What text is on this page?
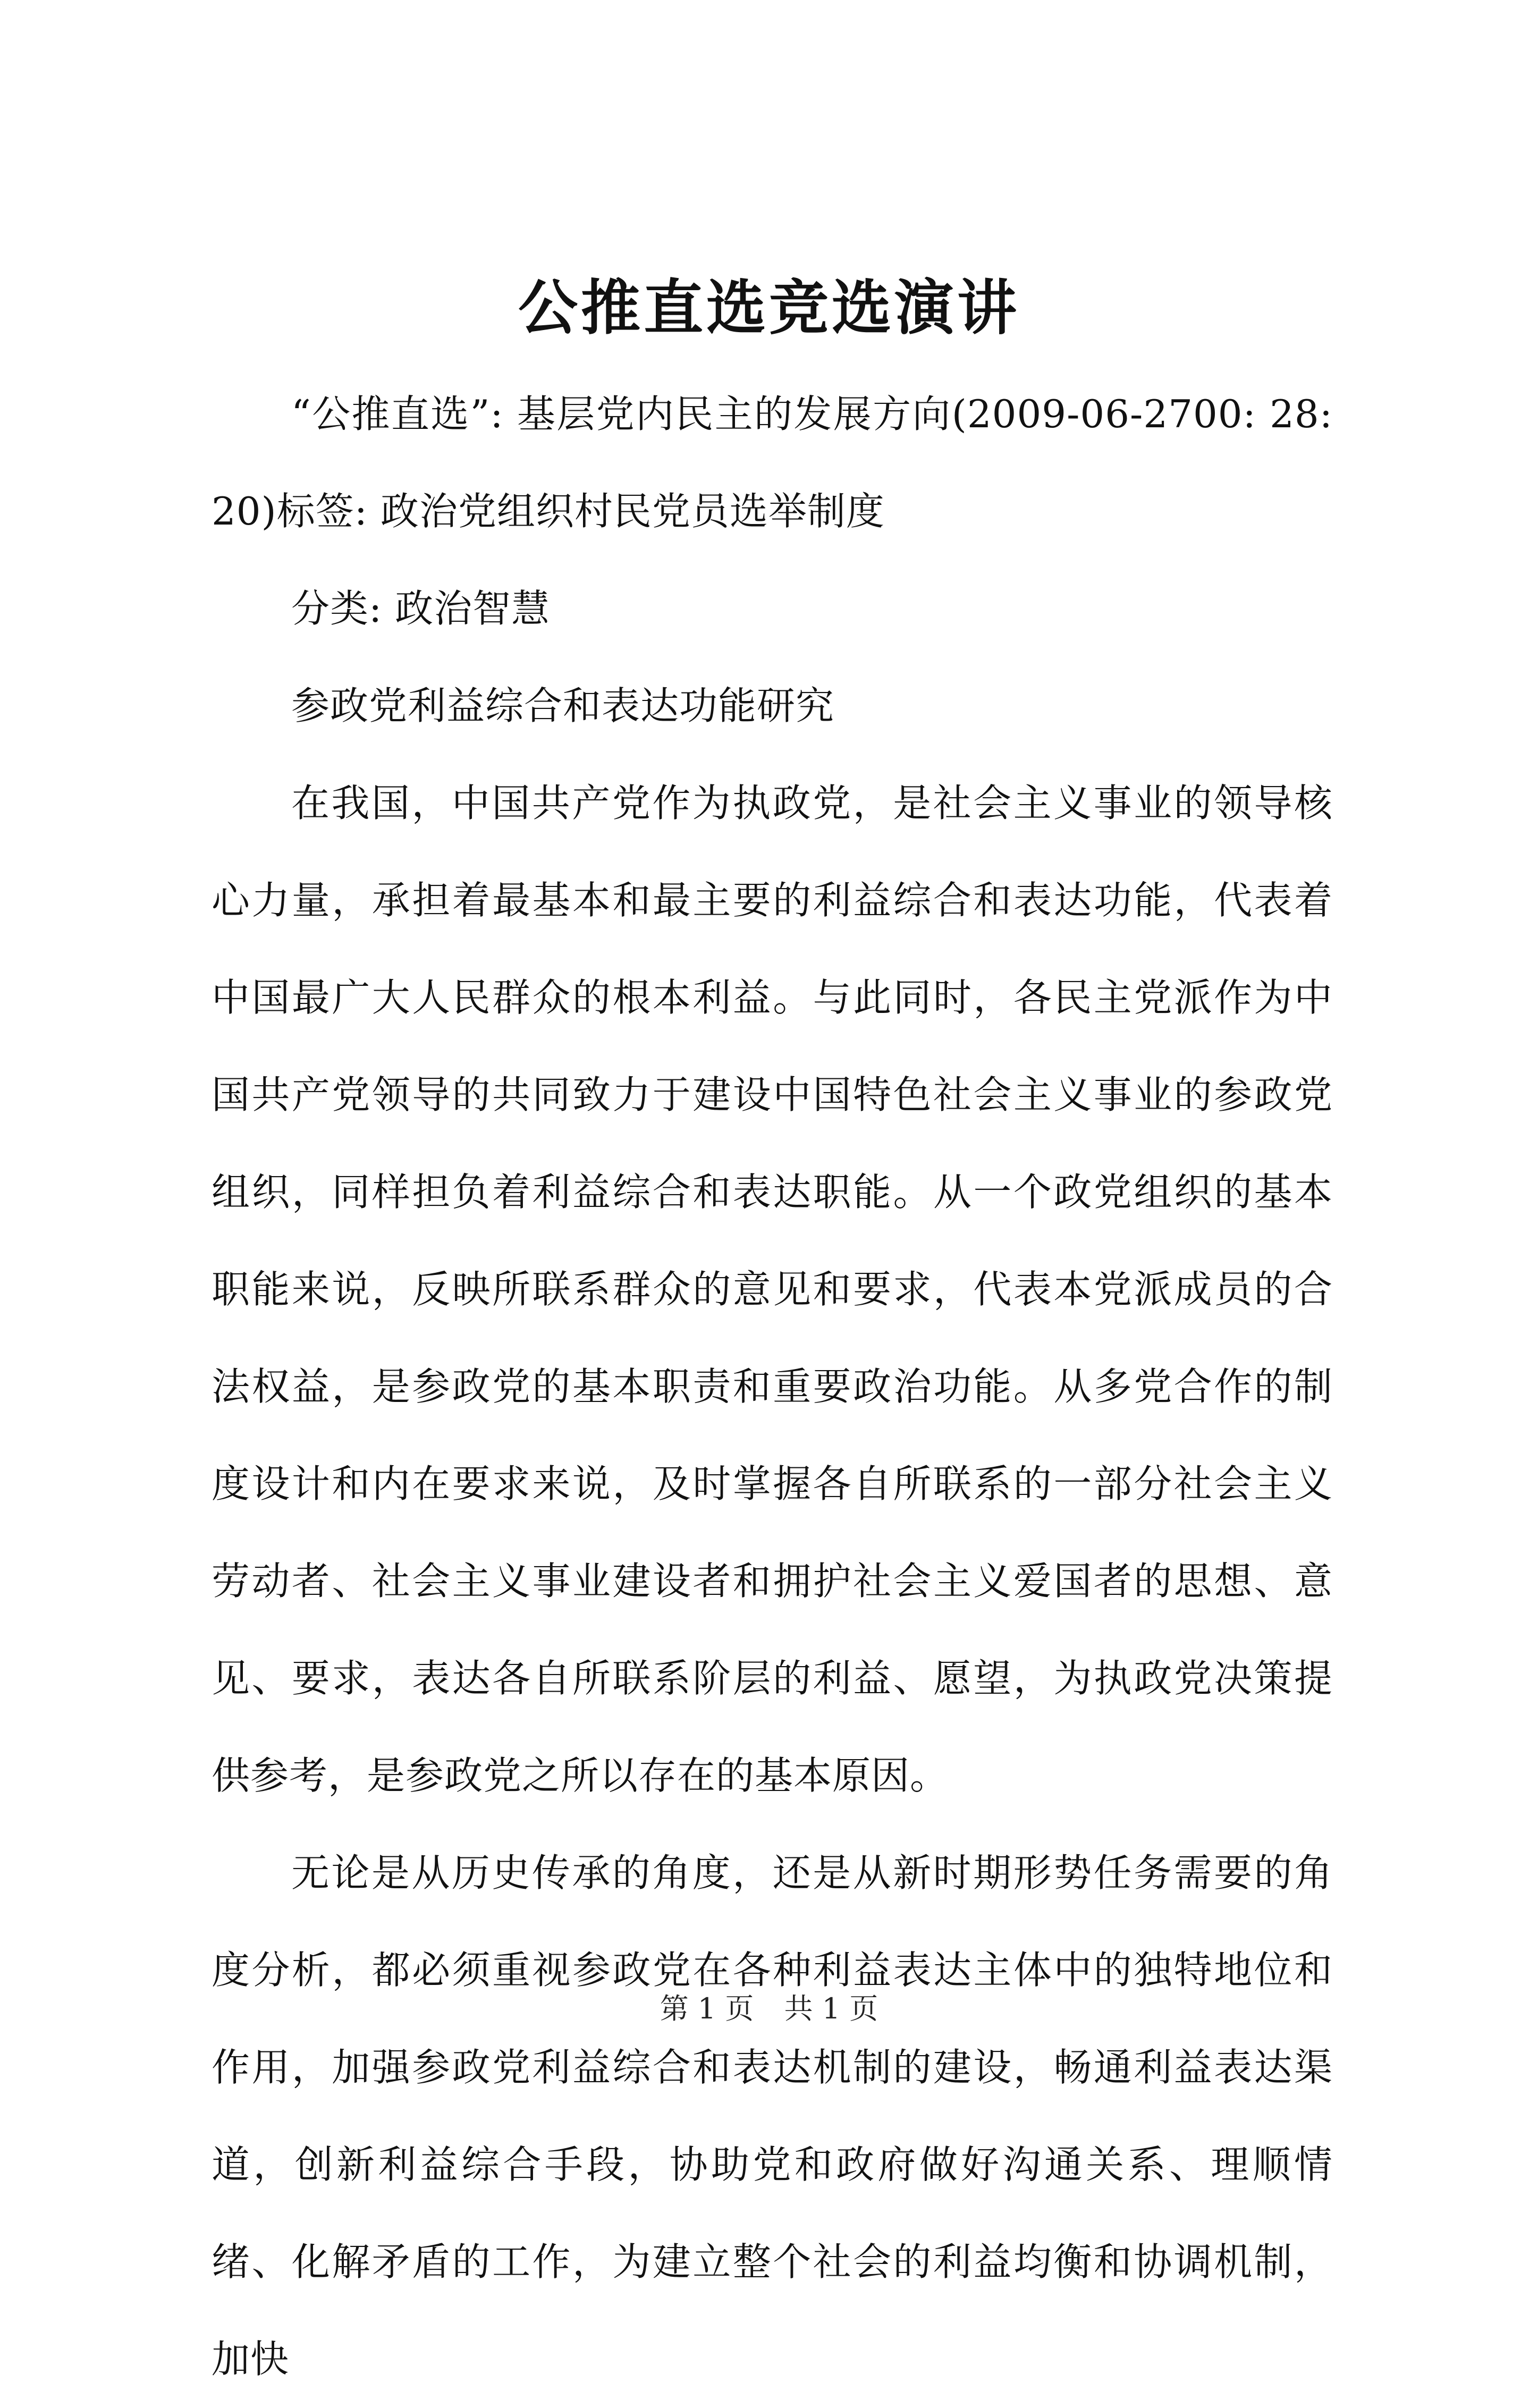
公推直选竞选演讲

“公推直选”: 基层党内民主的发展方向(2009-06-2700: 28: 20)标签: 政治党组织村民党员选举制度

分类: 政治智慧

参政党利益综合和表达功能研究

在我国，中国共产党作为执政党，是社会主义事业的领导核心力量，承担着最基本和最主要的利益综合和表达功能，代表着中国最广大人民群众的根本利益。与此同时，各民主党派作为中国共产党领导的共同致力于建设中国特色社会主义事业的参政党组织，同样担负着利益综合和表达职能。从一个政党组织的基本职能来说，反映所联系群众的意见和要求，代表本党派成员的合法权益，是参政党的基本职责和重要政治功能。从多党合作的制度设计和内在要求来说，及时掌握各自所联系的一部分社会主义劳动者、社会主义事业建设者和拥护社会主义爱国者的思想、意见、要求，表达各自所联系阶层的利益、愿望，为执政党决策提供参考，是参政党之所以存在的基本原因。

无论是从历史传承的角度，还是从新时期形势任务需要的角度分析，都必须重视参政党在各种利益表达主体中的独特地位和作用，加强参政党利益综合和表达机制的建设，畅通利益表达渠道，创新利益综合手段，协助党和政府做好沟通关系、理顺情绪、化解矛盾的工作，为建立整个社会的利益均衡和协调机制，加快

第 1 页 共 1 页
